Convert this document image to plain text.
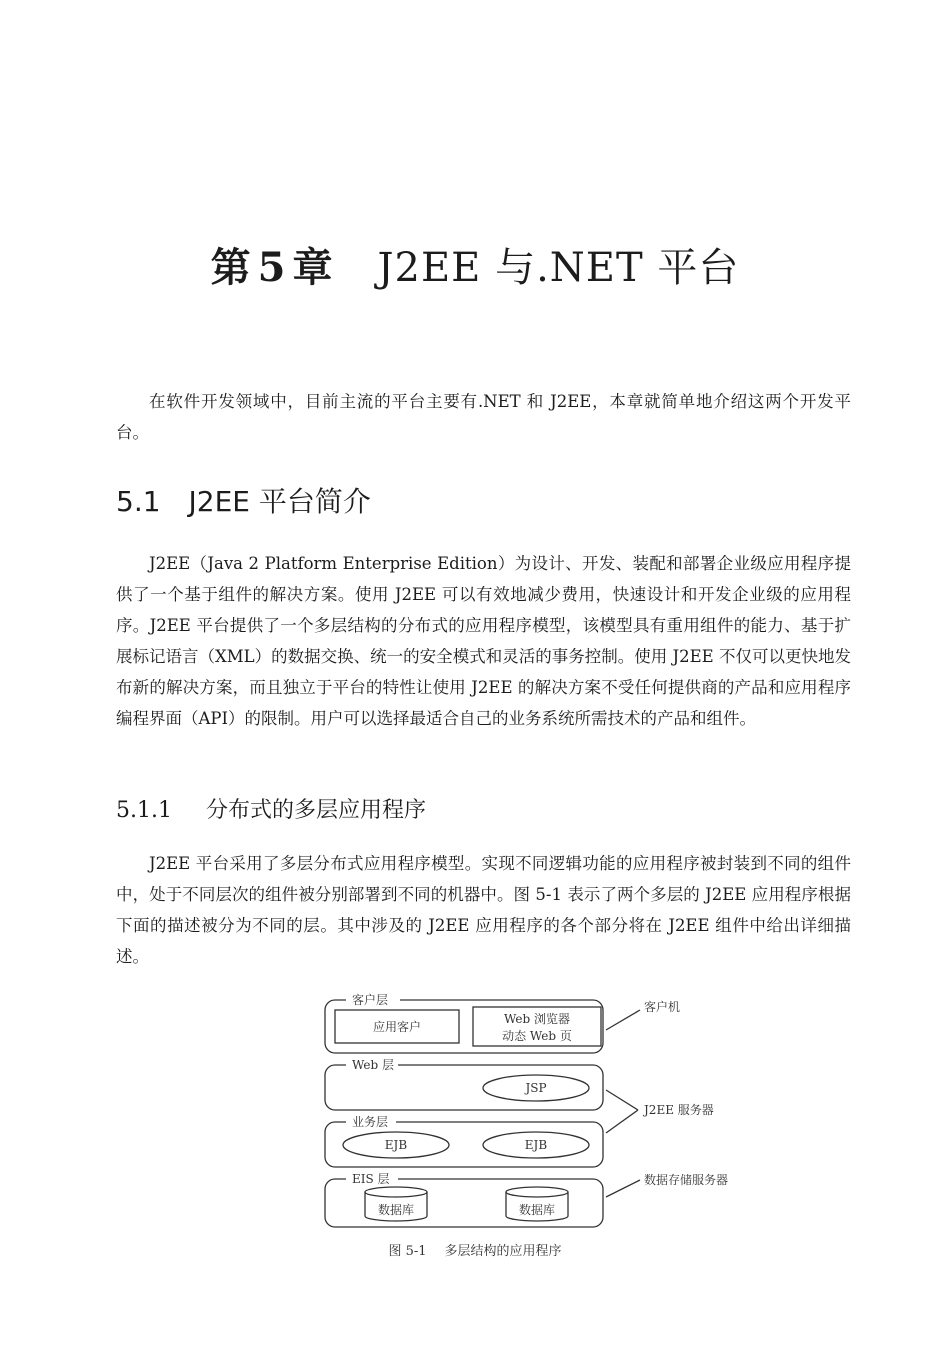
第 5 章 J2EE 与.NET 平台

在软件开发领域中，目前主流的平台主要有.NET 和 J2EE，本章就简单地介绍这两个开发平台。

5.1 J2EE 平台简介

J2EE（Java 2 Platform Enterprise Edition）为设计、开发、装配和部署企业级应用程序提供了一个基于组件的解决方案。使用 J2EE 可以有效地减少费用，快速设计和开发企业级的应用程序。J2EE 平台提供了一个多层结构的分布式的应用程序模型，该模型具有重用组件的能力、基于扩展标记语言（XML）的数据交换、统一的安全模式和灵活的事务控制。使用 J2EE 不仅可以更快地发布新的解决方案，而且独立于平台的特性让使用 J2EE 的解决方案不受任何提供商的产品和应用程序编程界面（API）的限制。用户可以选择最适合自己的业务系统所需技术的产品和组件。

5.1.1 分布式的多层应用程序

J2EE 平台采用了多层分布式应用程序模型。实现不同逻辑功能的应用程序被封装到不同的组件中，处于不同层次的组件被分别部署到不同的机器中。图 5-1 表示了两个多层的 J2EE 应用程序根据下面的描述被分为不同的层。其中涉及的 J2EE 应用程序的各个部分将在 J2EE 组件中给出详细描述。

客户层
Web 层
业务层
EIS 层
应用客户
Web 浏览器
动态 Web 页
JSP
EJB	EJB
数据库	数据库
客户机
J2EE 服务器
数据存储服务器
图 5-1 多层结构的应用程序
